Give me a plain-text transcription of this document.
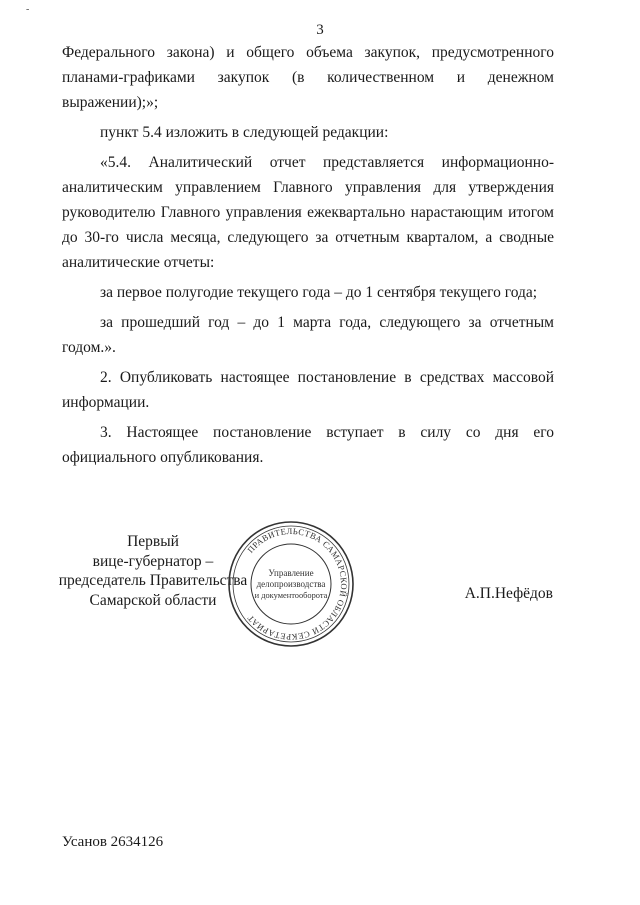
-
3

Федерального закона) и общего объема закупок, предусмотренного планами-графиками закупок (в количественном и денежном выражении);»;

пункт 5.4 изложить в следующей редакции:

«5.4. Аналитический отчет представляется информационно-аналитическим управлением Главного управления для утверждения руководителю Главного управления ежеквартально нарастающим итогом до 30-го числа месяца, следующего за отчетным кварталом, а сводные аналитические отчеты:

за первое полугодие текущего года – до 1 сентября текущего года;

за прошедший год – до 1 марта года, следующего за отчетным годом.».

2. Опубликовать настоящее постановление в средствах массовой информации.

3. Настоящее постановление вступает в силу со дня его официального опубликования.

Первый
вице-губернатор –
председатель Правительства
Самарской области
ПРАВИТЕЛЬСТВА САМАРСКОЙ ОБЛАСТИ СЕКРЕТАРИАТ
Управление
делопроизводства
и документооборота	А.П.Нефёдов
Усанов 2634126
